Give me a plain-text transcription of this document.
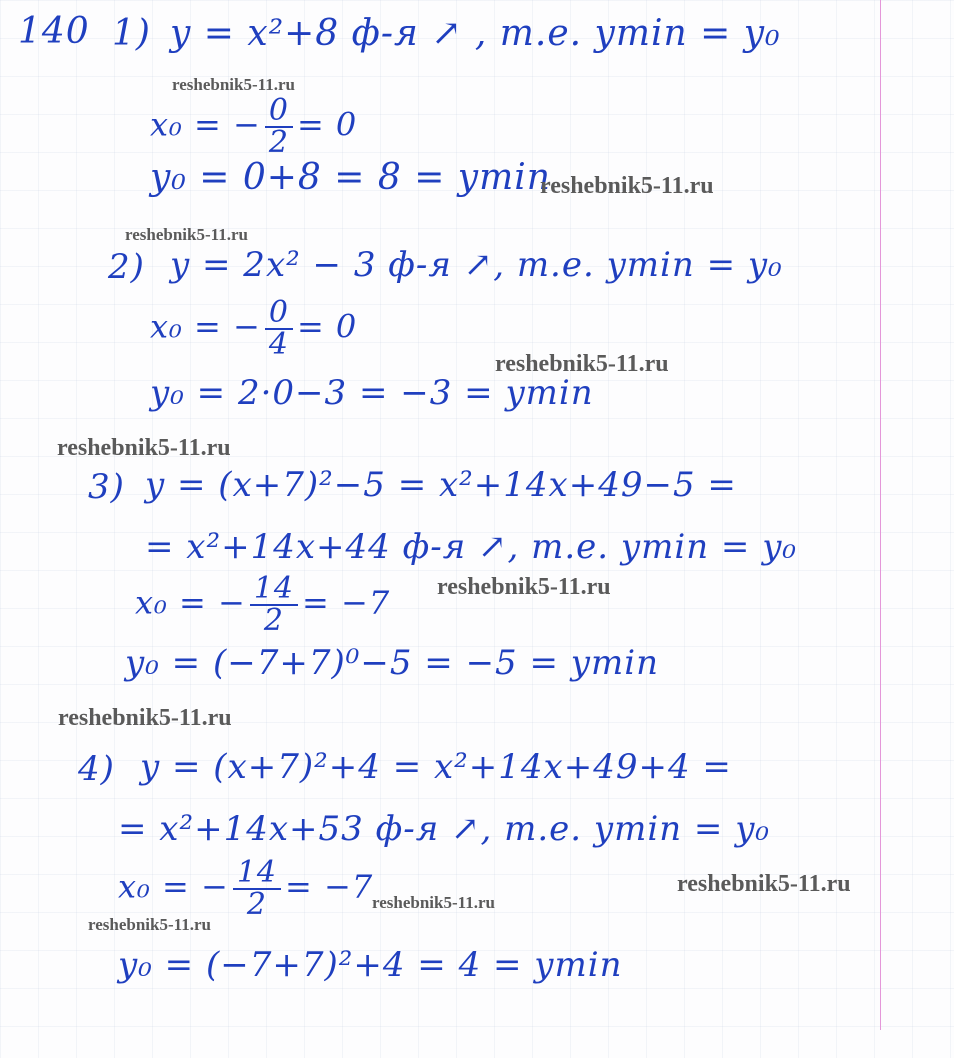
140 1) y = x²+8 ф-я ↗ , т.е. ymin = y₀
x₀ = − $\frac{0}{2} = 0$
y₀ = 0+8 = 8 = ymin
2) y = 2x² − 3 ф-я ↗, т.е. ymin = y₀
x₀ = − $\frac{0}{4} = 0$
y₀ = 2·0−3 = −3 = ymin
3) y = (x+7)²−5 = x²+14x+49−5 =
= x²+14x+44 ф-я ↗, т.е. ymin = y₀
x₀ = − $\frac{14}{2} = -7$
y₀ = (−7+7)⁰−5 = −5 = ymin
4) y = (x+7)²+4 = x²+14x+49+4 =
= x²+14x+53 ф-я ↗, т.е. ymin = y₀
x₀ = − $\frac{14}{2} = -7$
y₀ = (−7+7)²+4 = 4 = ymin
reshebnik5-11.ru
reshebnik5-11.ru
reshebnik5-11.ru
reshebnik5-11.ru
reshebnik5-11.ru
reshebnik5-11.ru
reshebnik5-11.ru
reshebnik5-11.ru
reshebnik5-11.ru
reshebnik5-11.ru
